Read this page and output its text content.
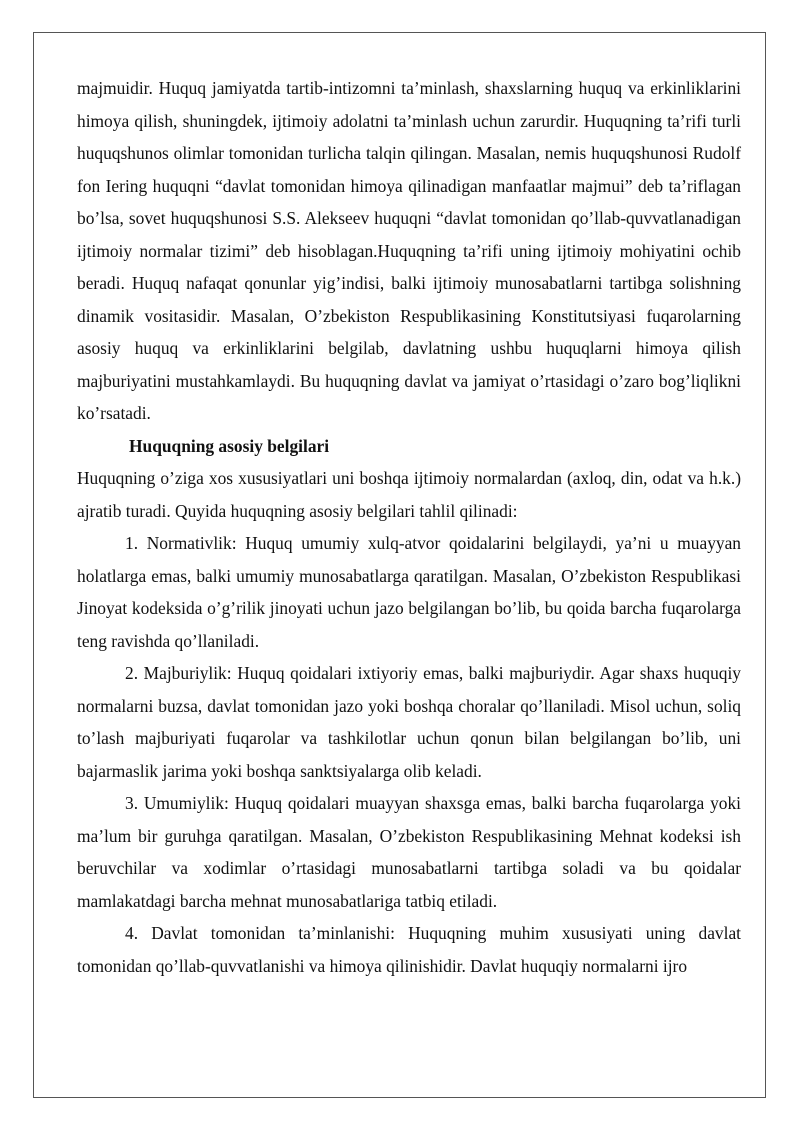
majmuidir. Huquq jamiyatda tartib-intizomni ta’minlash, shaxslarning huquq va erkinliklarini himoya qilish, shuningdek, ijtimoiy adolatni ta’minlash uchun zarurdir. Huquqning ta’rifi turli huquqshunos olimlar tomonidan turlicha talqin qilingan. Masalan, nemis huquqshunosi Rudolf fon Iering huquqni “davlat tomonidan himoya qilinadigan manfaatlar majmui” deb ta’riflagan bo’lsa, sovet huquqshunosi S.S. Alekseev huquqni “davlat tomonidan qo’llab-quvvatlanadigan ijtimoiy normalar tizimi” deb hisoblagan.Huquqning ta’rifi uning ijtimoiy mohiyatini ochib beradi. Huquq nafaqat qonunlar yig’indisi, balki ijtimoiy munosabatlarni tartibga solishning dinamik vositasidir. Masalan, O’zbekiston Respublikasining Konstitutsiyasi fuqarolarning asosiy huquq va erkinliklarini belgilab, davlatning ushbu huquqlarni himoya qilish majburiyatini mustahkamlaydi. Bu huquqning davlat va jamiyat o’rtasidagi o’zaro bog’liqlikni ko’rsatadi.

Huquqning asosiy belgilari

Huquqning o’ziga xos xususiyatlari uni boshqa ijtimoiy normalardan (axloq, din, odat va h.k.) ajratib turadi. Quyida huquqning asosiy belgilari tahlil qilinadi:

1. Normativlik: Huquq umumiy xulq-atvor qoidalarini belgilaydi, ya’ni u muayyan holatlarga emas, balki umumiy munosabatlarga qaratilgan. Masalan, O’zbekiston Respublikasi Jinoyat kodeksida o’g’rilik jinoyati uchun jazo belgilangan bo’lib, bu qoida barcha fuqarolarga teng ravishda qo’llaniladi.

2. Majburiylik: Huquq qoidalari ixtiyoriy emas, balki majburiydir. Agar shaxs huquqiy normalarni buzsa, davlat tomonidan jazo yoki boshqa choralar qo’llaniladi. Misol uchun, soliq to’lash majburiyati fuqarolar va tashkilotlar uchun qonun bilan belgilangan bo’lib, uni bajarmaslik jarima yoki boshqa sanktsiyalarga olib keladi.

3. Umumiylik: Huquq qoidalari muayyan shaxsga emas, balki barcha fuqarolarga yoki ma’lum bir guruhga qaratilgan. Masalan, O’zbekiston Respublikasining Mehnat kodeksi ish beruvchilar va xodimlar o’rtasidagi munosabatlarni tartibga soladi va bu qoidalar mamlakatdagi barcha mehnat munosabatlariga tatbiq etiladi.

4. Davlat tomonidan ta’minlanishi: Huquqning muhim xususiyati uning davlat tomonidan qo’llab-quvvatlanishi va himoya qilinishidir. Davlat huquqiy normalarni ijro
